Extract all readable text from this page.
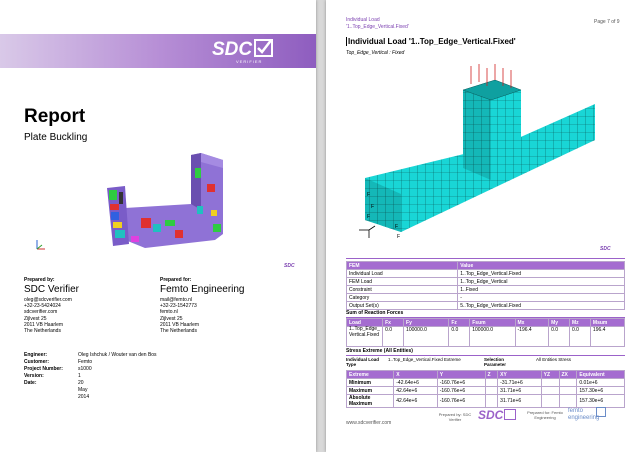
SDC
VERIFIER
Report
Plate Buckling
SDC
Prepared by:
SDC Verifier
oleg@sdcverifier.com
+32-23-5424024
sdcverifier.com
Zijlvest 25
2011 VB Haarlem
The Netherlands
Prepared for:
Femto Engineering
mail@femto.nl
+32-23-1542773
femto.nl
Zijlvest 25
2011 VB Haarlem
The Netherlands
Engineer:	Oleg Ishchuk / Wouter van den Bos
Customer:	Femto
Project Number:	s1000
Version:	1
Date:	20 May 2014
Individual Load
'1..Top_Edge_Vertical.Fixed'
Page 7 of 9
Individual Load '1..Top_Edge_Vertical.Fixed'
Top_Edge_Vertical : Fixed
F
F
F
F
F
SDC
FEM	Value
Individual Load	1..Top_Edge_Vertical.Fixed
FEM Load	1..Top_Edge_Vertical
Constraint	1..Fixed
Category	-
Output Set(s)	5..Top_Edge_Vertical.Fixed
Sum of Reaction Forces
Load	Fx	Fy	Fz	Fsum	Mx	My	Mz	Msum
1..Top_Edge_Vertical.Fixed	0.0	100000.0	0.0	100000.0	-196.4	0.0	0.0	196.4
Stress Extreme (All Entities)
Individual Load Type
1..Top_Edge_Vertical.Fixed Extreme	Selection Parameter
All Entities Stress
Extreme	X	Y	Z	XY	YZ	ZX	Equivalent
Minimum	-42.64e+6	-160.76e+6		-31.71e+6			0.01e+6
Maximum	42.64e+6	-160.76e+6		31.71e+6			157.30e+6
Absolute Maximum	42.64e+6	-160.76e+6		31.71e+6			157.30e+6
www.sdcverifier.com
Prepared by: SDC Verifier	SDC	Prepared for: Femto Engineering
femto engineering
